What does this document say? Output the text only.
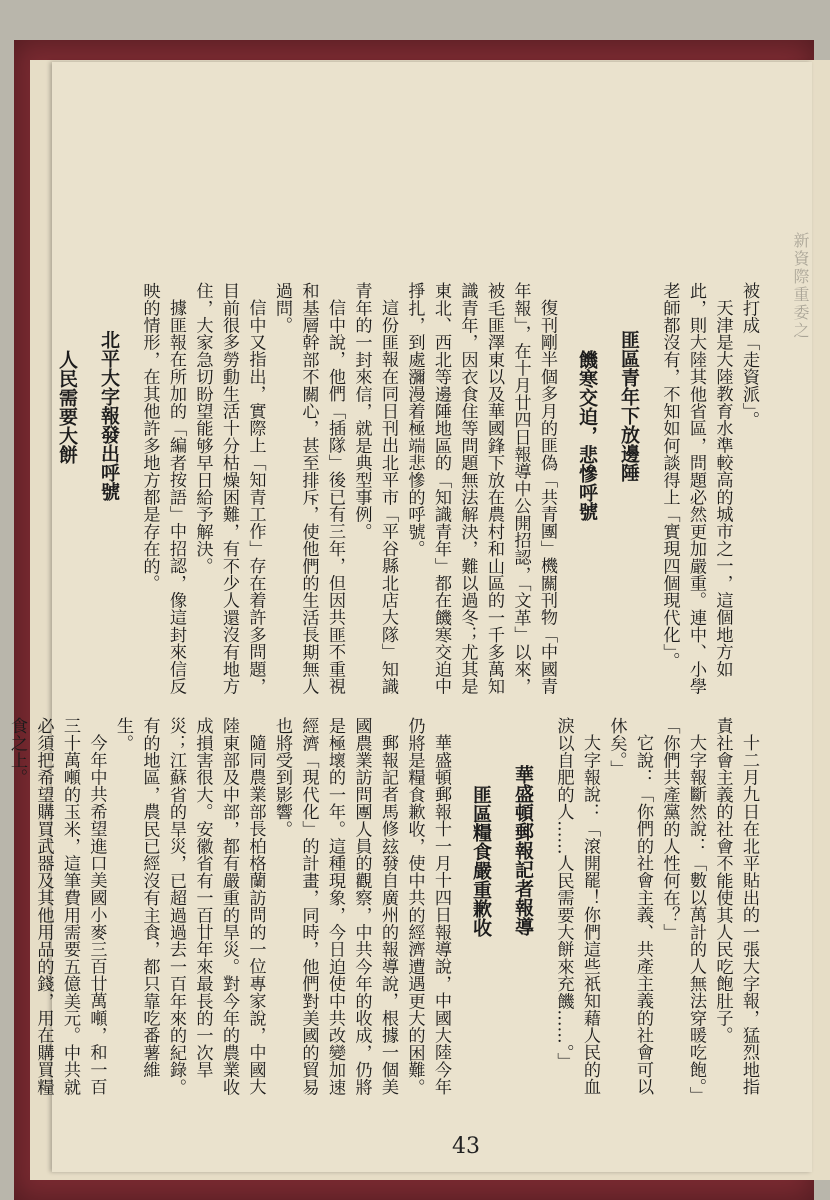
新資際重委之

被打成「走資派」。

天津是大陸教育水準較高的城市之一，這個地方如此，則大陸其他省區，問題必然更加嚴重。連中、小學老師都沒有，不知如何談得上「實現四個現代化」。

匪區青年下放邊陲
饑寒交迫，悲慘呼號

復刊剛半個多月的匪偽「共青團」機關刊物「中國青年報」，在十月廿四日報導中公開招認，「文革」以來，被毛匪澤東以及華國鋒下放在農村和山區的一千多萬知識青年，因衣食住等問題無法解決，難以過冬；尤其是東北、西北等邊陲地區的「知識青年」都在饑寒交迫中掙扎，到處瀰漫着極端悲慘的呼號。

這份匪報在同日刊出北平市「平谷縣北店大隊」知識青年的一封來信，就是典型事例。

信中說，他們「插隊」後已有三年，但因共匪不重視和基層幹部不關心，甚至排斥，使他們的生活長期無人過問。

信中又指出，實際上「知青工作」存在着許多問題，目前很多勞動生活十分枯燥困難，有不少人還沒有地方住，大家急切盼望能够早日給予解決。

據匪報在所加的「編者按語」中招認，像這封來信反映的情形，在其他許多地方都是存在的。

北平大字報發出呼號
人民需要大餅

十二月九日在北平貼出的一張大字報，猛烈地指責社會主義的社會不能使其人民吃飽肚子。

大字報斷然說：「數以萬計的人無法穿暖吃飽。」「你們共產黨的人性何在？」

它說：「你們的社會主義、共產主義的社會可以休矣。」

大字報說：「滾開罷！你們這些祇知藉人民的血淚以自肥的人……人民需要大餅來充饑……。」

華盛頓郵報記者報導
匪區糧食嚴重歉收

華盛頓郵報十一月十四日報導說，中國大陸今年仍將是糧食歉收，使中共的經濟遭遇更大的困難。

郵報記者馬修玆發自廣州的報導說，根據一個美國農業訪問團人員的觀察，中共今年的收成，仍將是極壞的一年。這種現象，今日迫使中共改變加速經濟「現代化」的計畫，同時，他們對美國的貿易也將受到影響。

隨同農業部長柏格蘭訪問的一位專家說，中國大陸東部及中部，都有嚴重的旱災。對今年的農業收成損害很大。安徽省有一百廿年來最長的一次旱災；江蘇省的旱災，已超過過去一百年來的紀錄。有的地區，農民已經沒有主食，都只靠吃番薯維生。

今年中共希望進口美國小麥三百廿萬噸，和一百三十萬噸的玉米，這筆費用需要五億美元。中共就必須把希望購買武器及其他用品的錢，用在購買糧食之上。

43
